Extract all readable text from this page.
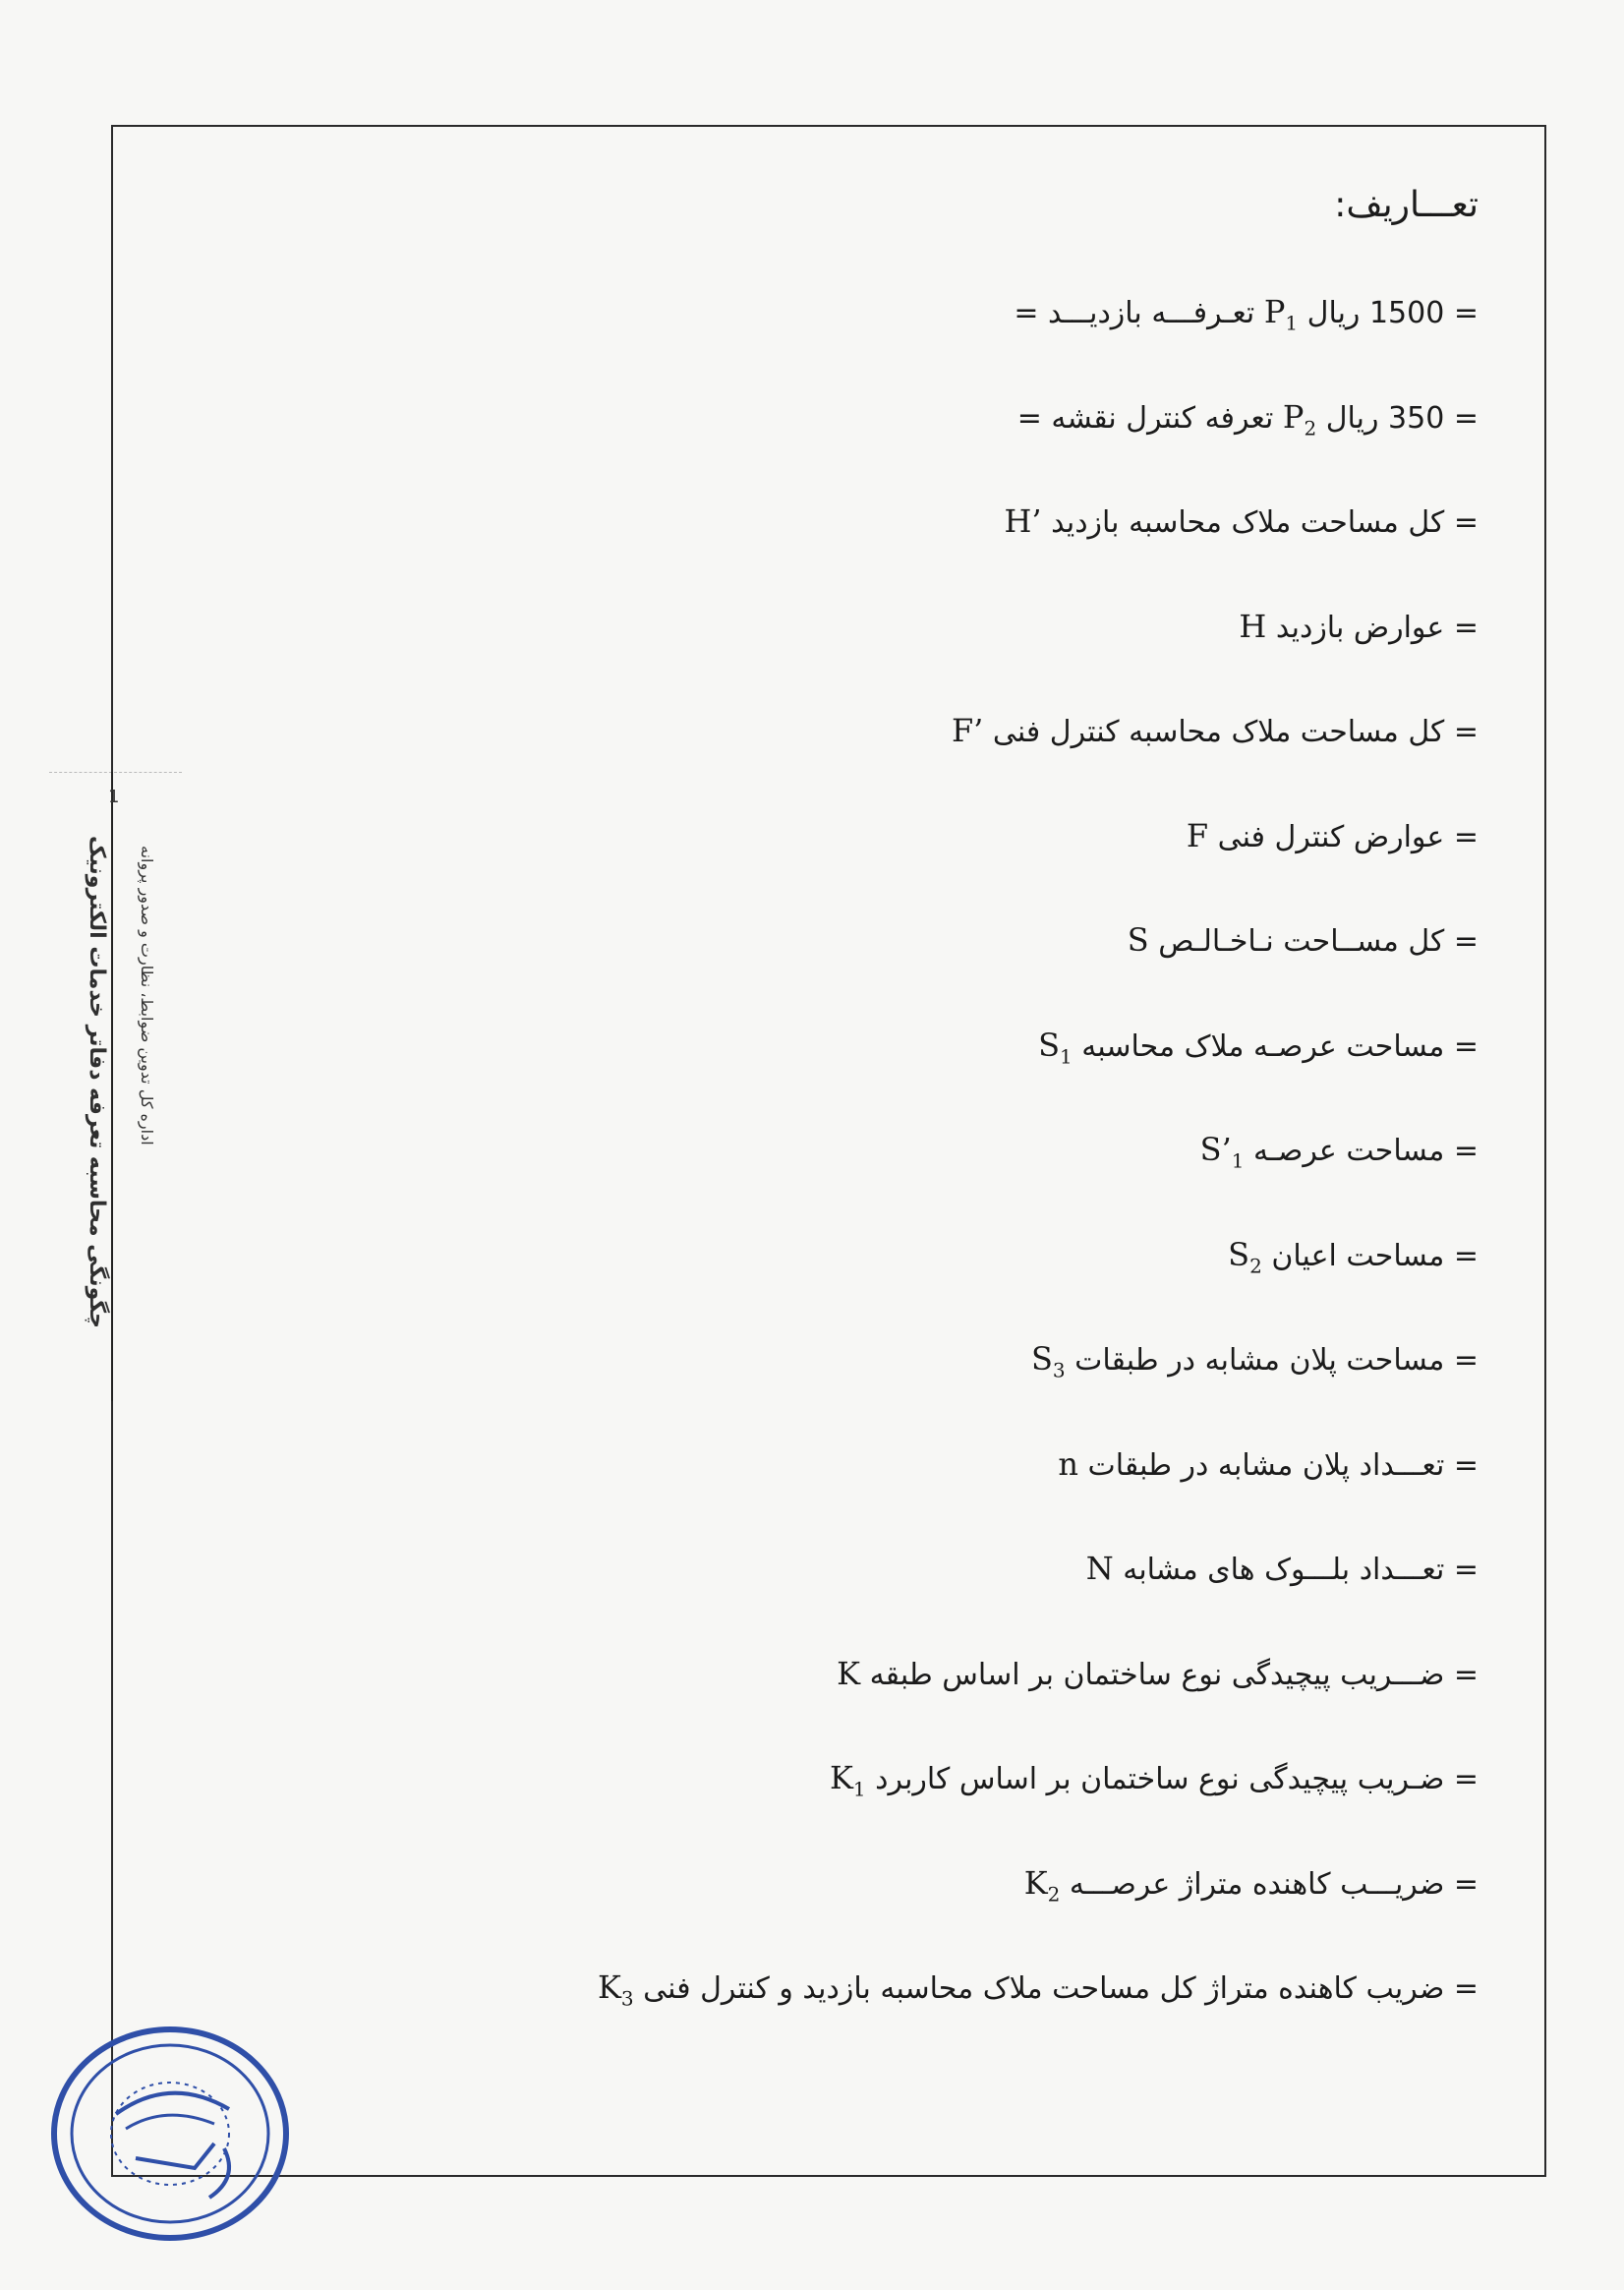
1
چگونگی محاسبه تعرفه دفاتر خدمات الکترونیک اداره کل تدوین ضوابط، نظارت و صدور پروانه
تعـــاریف:
= 1500 ریال $P_1$ تعـرفـــه بازدیـــد =
= 350 ریال $P_2$ تعرفه کنترل نقشه =
= کل مساحت ملاک محاسبه بازدید H’
= عوارض بازدید H
= کل مساحت ملاک محاسبه کنترل فنی F’
= عوارض کنترل فنی F
= کل مســاحت نـاخـالـص S
= مساحت عرصـه ملاک محاسبه $S_1$
= مساحت عرصـه $S’_1$
= مساحت اعیان $S_2$
= مساحت پلان مشابه در طبقات $S_3$
= تعـــداد پلان مشابه در طبقات n
= تعـــداد بلـــوک های مشابه N
= ضـــریب پیچیدگی نوع ساختمان بر اساس طبقه K
= ضـریب پیچیدگی نوع ساختمان بر اساس کاربرد $K_1$
= ضریـــب کاهنده متراژ عرصـــه $K_2$
= ضریب کاهنده متراژ کل مساحت ملاک محاسبه بازدید و کنترل فنی $K_3$
